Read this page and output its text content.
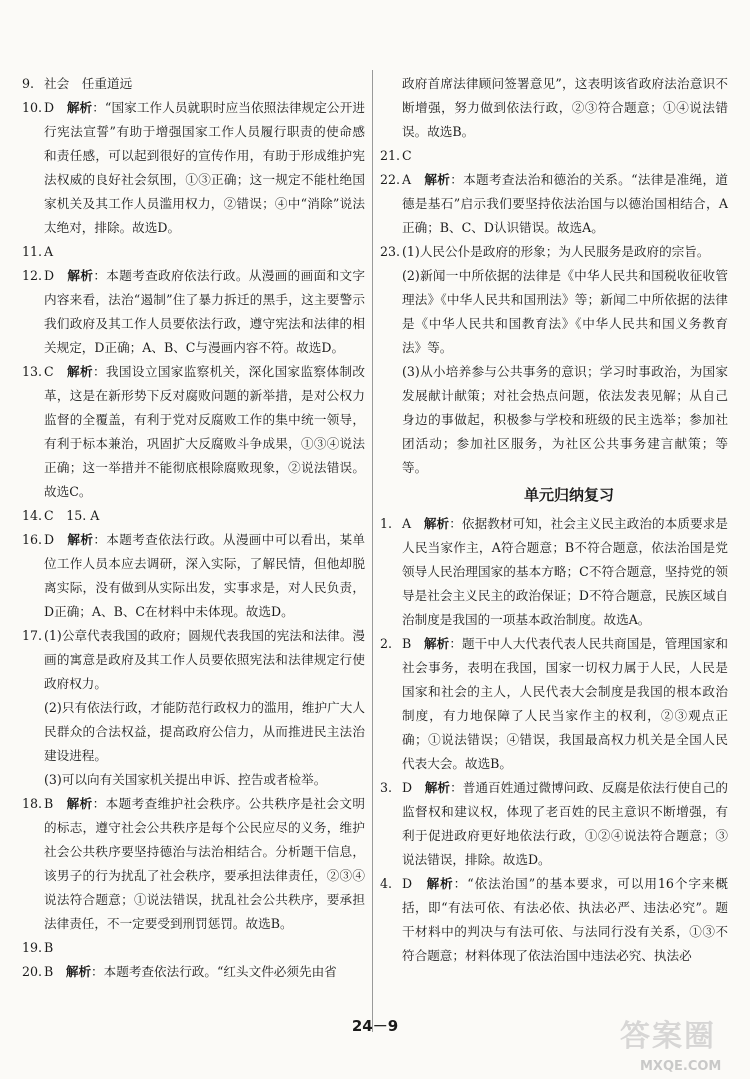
9. 社会　任重道远

10. D　解析：“国家工作人员就职时应当依照法律规定公开进行宪法宣誓”有助于增强国家工作人员履行职责的使命感和责任感，可以起到很好的宣传作用，有助于形成维护宪法权威的良好社会氛围，①③正确；这一规定不能杜绝国家机关及其工作人员滥用权力，②错误；④中“消除”说法太绝对，排除。故选D。

11. A

12. D　解析：本题考查政府依法行政。从漫画的画面和文字内容来看，法治“遏制”住了暴力拆迁的黑手，这主要警示我们政府及其工作人员要依法行政，遵守宪法和法律的相关规定，D正确；A、B、C与漫画内容不符。故选D。

13. C　解析：我国设立国家监察机关，深化国家监察体制改革，这是在新形势下反对腐败问题的新举措，是对公权力监督的全覆盖，有利于党对反腐败工作的集中统一领导，有利于标本兼治，巩固扩大反腐败斗争成果，①③④说法正确；这一举措并不能彻底根除腐败现象，②说法错误。故选C。

14. C　15. A

16. D　解析：本题考查依法行政。从漫画中可以看出，某单位工作人员本应去调研，深入实际，了解民情，但他却脱离实际，没有做到从实际出发，实事求是，对人民负责，D正确；A、B、C在材料中未体现。故选D。

17. (1)公章代表我国的政府；圆规代表我国的宪法和法律。漫画的寓意是政府及其工作人员要依照宪法和法律规定行使政府权力。

(2)只有依法行政，才能防范行政权力的滥用，维护广大人民群众的合法权益，提高政府公信力，从而推进民主法治建设进程。

(3)可以向有关国家机关提出申诉、控告或者检举。

18. B　解析：本题考查维护社会秩序。公共秩序是社会文明的标志，遵守社会公共秩序是每个公民应尽的义务，维护社会公共秩序要坚持德治与法治相结合。分析题干信息，该男子的行为扰乱了社会秩序，要承担法律责任，②③④说法符合题意；①说法错误，扰乱社会公共秩序，要承担法律责任，不一定要受到刑罚惩罚。故选B。

19. B

20. B　解析：本题考查依法行政。“红头文件必须先由省

政府首席法律顾问签署意见”，这表明该省政府法治意识不断增强，努力做到依法行政，②③符合题意；①④说法错误。故选B。

21. C

22. A　解析：本题考查法治和德治的关系。“法律是准绳，道德是基石”启示我们要坚持依法治国与以德治国相结合，A正确；B、C、D认识错误。故选A。

23. (1)人民公仆是政府的形象；为人民服务是政府的宗旨。

(2)新闻一中所依据的法律是《中华人民共和国税收征收管理法》《中华人民共和国刑法》等；新闻二中所依据的法律是《中华人民共和国教育法》《中华人民共和国义务教育法》等。

(3)从小培养参与公共事务的意识；学习时事政治，为国家发展献计献策；对社会热点问题，依法发表见解；从自己身边的事做起，积极参与学校和班级的民主选举；参加社团活动；参加社区服务，为社区公共事务建言献策；等等。

单元归纳复习

1. A　解析：依据教材可知，社会主义民主政治的本质要求是人民当家作主，A符合题意；B不符合题意，依法治国是党领导人民治理国家的基本方略；C不符合题意，坚持党的领导是社会主义民主的政治保证；D不符合题意，民族区域自治制度是我国的一项基本政治制度。故选A。

2. B　解析：题干中人大代表代表人民共商国是，管理国家和社会事务，表明在我国，国家一切权力属于人民，人民是国家和社会的主人，人民代表大会制度是我国的根本政治制度，有力地保障了人民当家作主的权利，②③观点正确；①说法错误；④错误，我国最高权力机关是全国人民代表大会。故选B。

3. D　解析：普通百姓通过微博问政、反腐是依法行使自己的监督权和建议权，体现了老百姓的民主意识不断增强，有利于促进政府更好地依法行政，①②④说法符合题意；③说法错误，排除。故选D。

4. D　解析：“依法治国”的基本要求，可以用16个字来概括，即“有法可依、有法必依、执法必严、违法必究”。题干材料中的判决与有法可依、与法同行没有关系，①③不符合题意；材料体现了依法治国中违法必究、执法必

24－9	答案圈
MXQE.COM
